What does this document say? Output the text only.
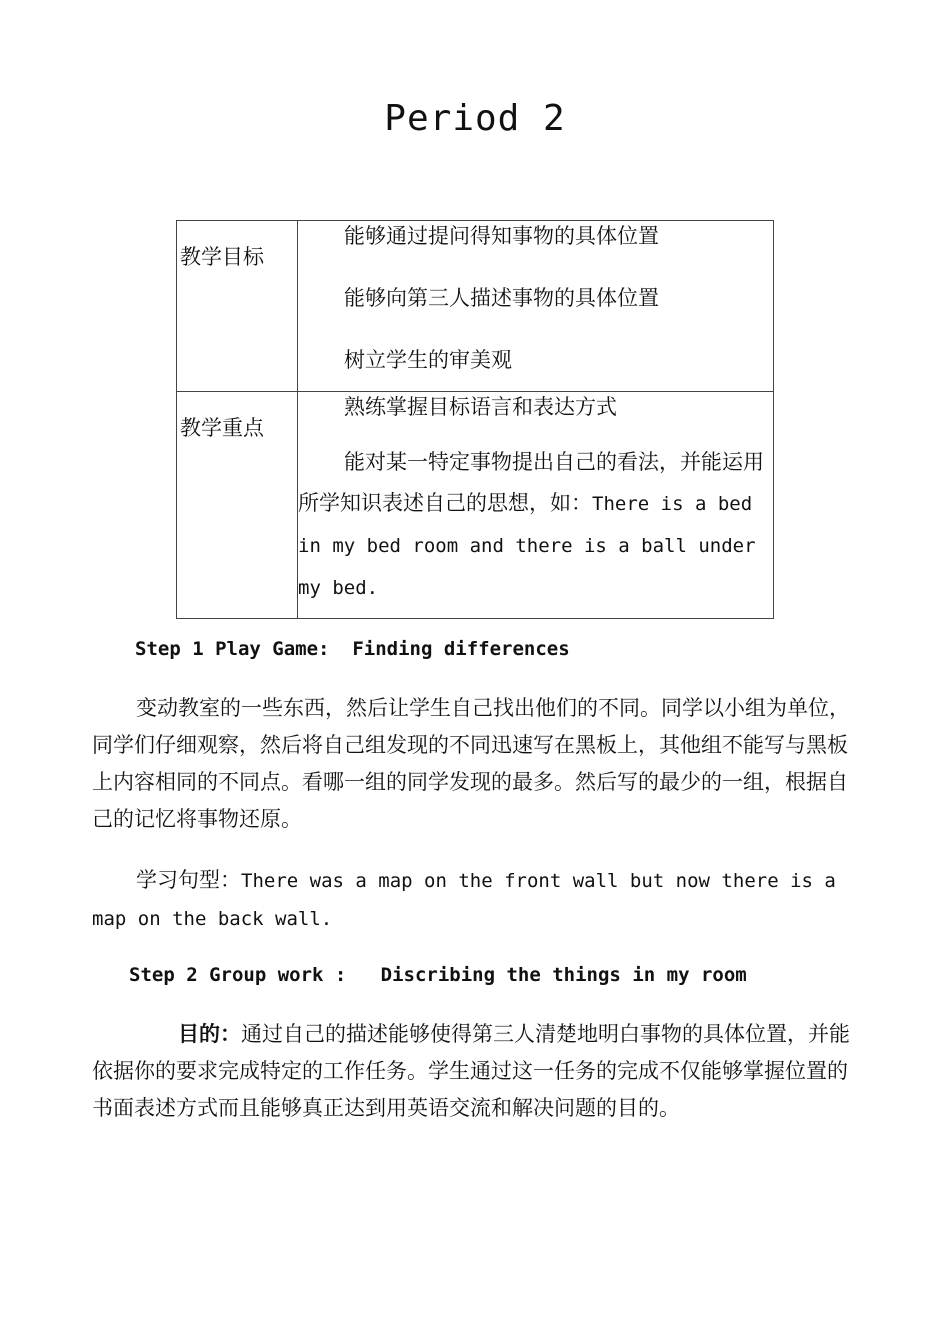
Period 2
教学目标	能够通过提问得知事物的具体位置
能够向第三人描述事物的具体位置
树立学生的审美观

教学重点	熟练掌握目标语言和表达方式
能对某一特定事物提出自己的看法，并能运用所学知识表述自己的思想，如：There is a bed in my bed room and there is a ball under my bed.
Step 1 Play Game:  Finding differences
变动教室的一些东西，然后让学生自己找出他们的不同。同学以小组为单位，同学们仔细观察，然后将自己组发现的不同迅速写在黑板上，其他组不能写与黑板上内容相同的不同点。看哪一组的同学发现的最多。然后写的最少的一组，根据自己的记忆将事物还原。
学习句型：There was a map on the front wall but now there is a map on the back wall.
Step 2 Group work :   Discribing the things in my room
目的：通过自己的描述能够使得第三人清楚地明白事物的具体位置，并能依据你的要求完成特定的工作任务。学生通过这一任务的完成不仅能够掌握位置的书面表述方式而且能够真正达到用英语交流和解决问题的目的。
